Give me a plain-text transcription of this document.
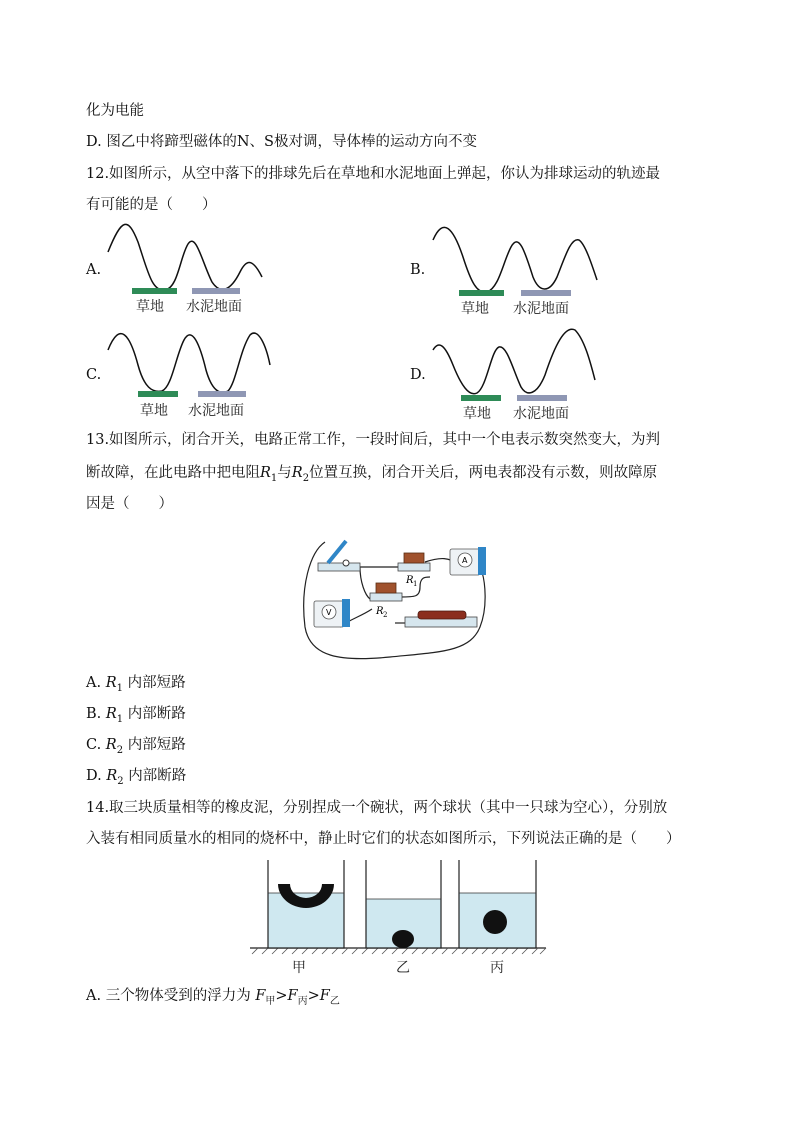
化为电能
D. 图乙中将蹄型磁体的N、S极对调，导体棒的运动方向不变
12.如图所示，从空中落下的排球先后在草地和水泥地面上弹起，你认为排球运动的轨迹最
有可能的是（　　）
A.	B.
C.	D.
草地 水泥地面	草地 水泥地面
草地 水泥地面	草地 水泥地面
13.如图所示，闭合开关，电路正常工作，一段时间后，其中一个电表示数突然变大，为判
断故障，在此电路中把电阻$R_1$与$R_2$位置互换，闭合开关后，两电表都没有示数，则故障原
因是（　　）
R 1
A
R 2
V
A. $R_1$ 内部短路
B. $R_1$ 内部断路
C. $R_2$ 内部短路
D. $R_2$ 内部断路
14.取三块质量相等的橡皮泥，分别捏成一个碗状，两个球状（其中一只球为空心），分别放
入装有相同质量水的相同的烧杯中，静止时它们的状态如图所示，下列说法正确的是（　　）
甲	乙	丙
A. 三个物体受到的浮力为 $F_甲>F_丙>F_乙$
